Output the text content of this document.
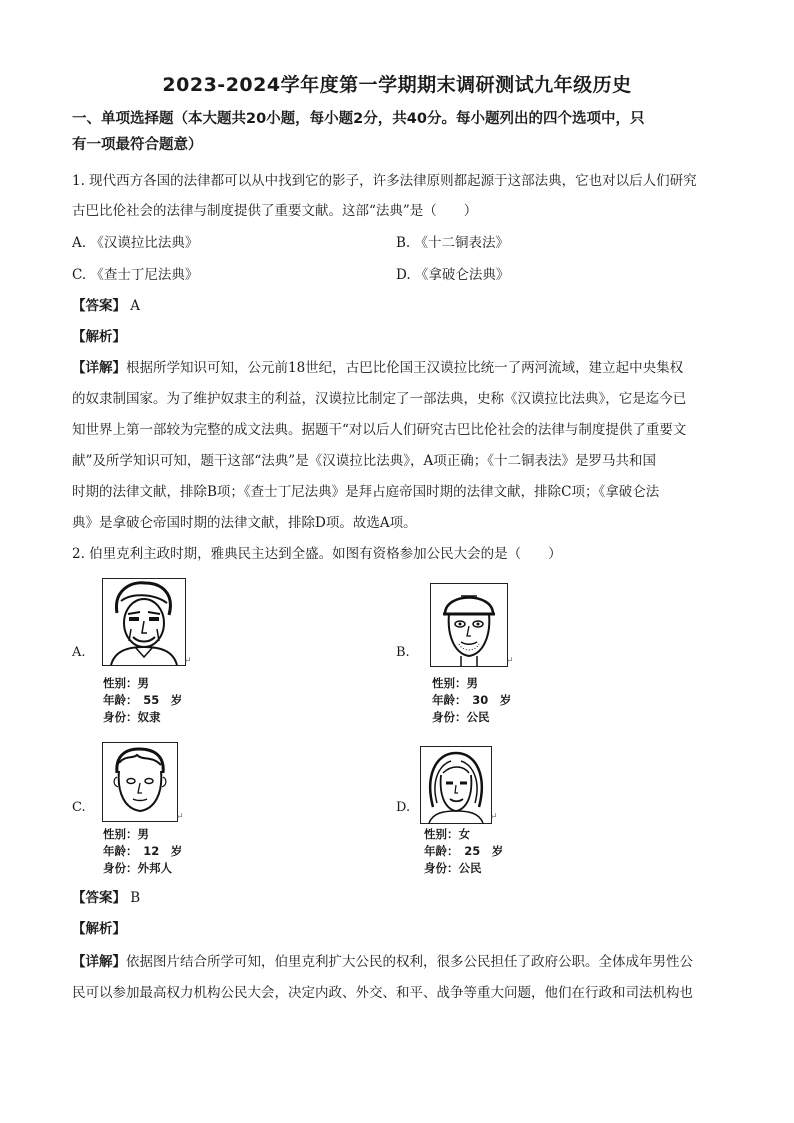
2023-2024学年度第一学期期末调研测试九年级历史
一、单项选择题（本大题共20小题，每小题2分，共40分。每小题列出的四个选项中，只
有一项最符合题意）
1. 现代西方各国的法律都可以从中找到它的影子，许多法律原则都起源于这部法典，它也对以后人们研究
古巴比伦社会的法律与制度提供了重要文献。这部“法典”是（　　）
A. 《汉谟拉比法典》	B. 《十二铜表法》
C. 《查士丁尼法典》	D. 《拿破仑法典》
【答案】 A
【解析】
【详解】根据所学知识可知，公元前18世纪，古巴比伦国王汉谟拉比统一了两河流域，建立起中央集权
的奴隶制国家。为了维护奴隶主的利益，汉谟拉比制定了一部法典，史称《汉谟拉比法典》，它是迄今已
知世界上第一部较为完整的成文法典。据题干“对以后人们研究古巴比伦社会的法律与制度提供了重要文
献”及所学知识可知，题干这部“法典”是《汉谟拉比法典》，A项正确；《十二铜表法》是罗马共和国
时期的法律文献，排除B项；《查士丁尼法典》是拜占庭帝国时期的法律文献，排除C项；《拿破仑法
典》是拿破仑帝国时期的法律文献，排除D项。故选A项。
2. 伯里克利主政时期，雅典民主达到全盛。如图有资格参加公民大会的是（　　）
A.
↵
性别：男
年龄：　55　岁
身份：奴隶
B.
↵
性别：男
年龄：　30　岁
身份：公民
C.
↵
性别：男
年龄：　12　岁
身份：外邦人
D.
↵
性别：女
年龄：　25　岁
身份：公民
【答案】 B
【解析】
【详解】依据图片结合所学可知，伯里克利扩大公民的权利，很多公民担任了政府公职。全体成年男性公
民可以参加最高权力机构公民大会，决定内政、外交、和平、战争等重大问题，他们在行政和司法机构也
